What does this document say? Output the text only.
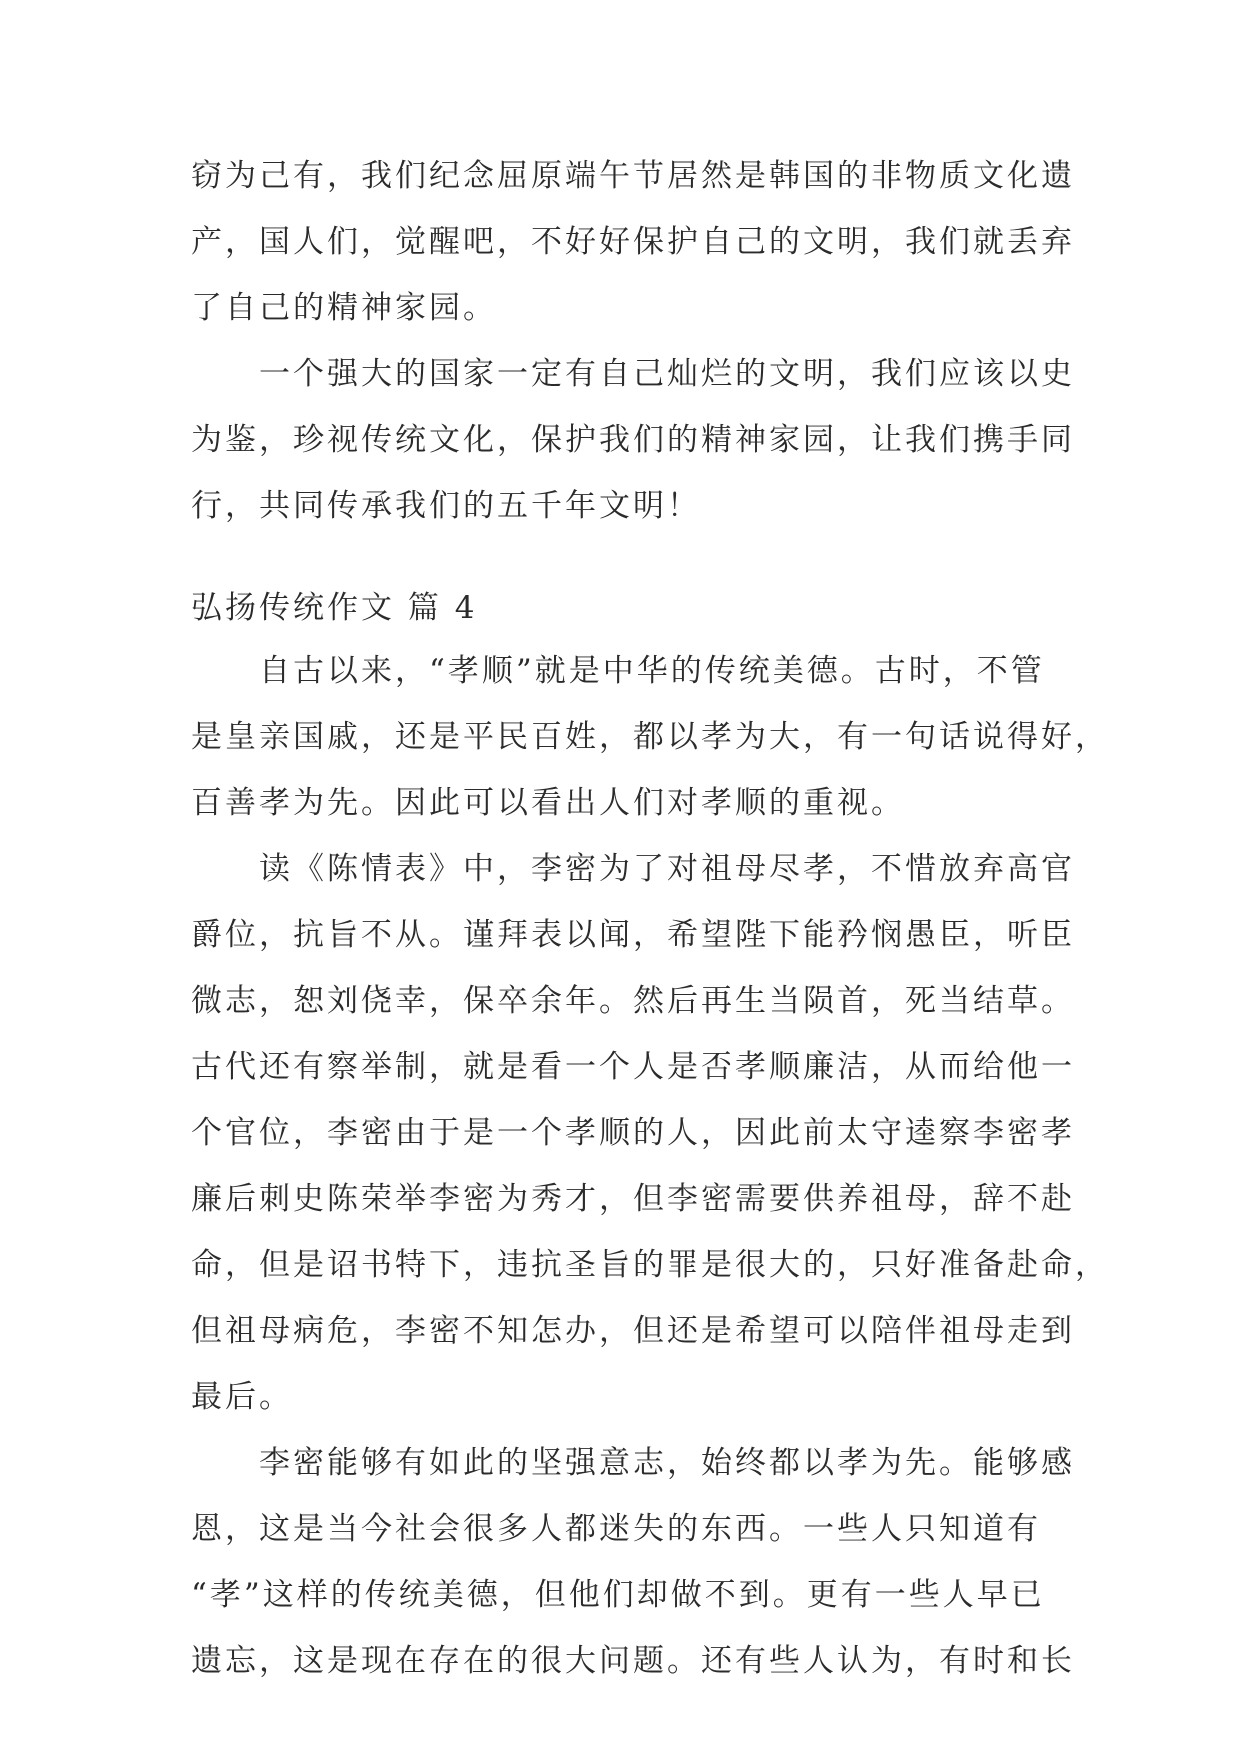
窃为己有，我们纪念屈原端午节居然是韩国的非物质文化遗
产，国人们，觉醒吧，不好好保护自己的文明，我们就丢弃
了自己的精神家园。
一个强大的国家一定有自己灿烂的文明，我们应该以史
为鉴，珍视传统文化，保护我们的精神家园，让我们携手同
行，共同传承我们的五千年文明！
弘扬传统作文 篇 4
自古以来，“孝顺”就是中华的传统美德。古时，不管
是皇亲国戚，还是平民百姓，都以孝为大，有一句话说得好，
百善孝为先。因此可以看出人们对孝顺的重视。
读《陈情表》中，李密为了对祖母尽孝，不惜放弃高官
爵位，抗旨不从。谨拜表以闻，希望陛下能矜悯愚臣，听臣
微志，恕刘侥幸，保卒余年。然后再生当陨首，死当结草。
古代还有察举制，就是看一个人是否孝顺廉洁，从而给他一
个官位，李密由于是一个孝顺的人，因此前太守逵察李密孝
廉后刺史陈荣举李密为秀才，但李密需要供养祖母，辞不赴
命，但是诏书特下，违抗圣旨的罪是很大的，只好准备赴命，
但祖母病危，李密不知怎办，但还是希望可以陪伴祖母走到
最后。
李密能够有如此的坚强意志，始终都以孝为先。能够感
恩，这是当今社会很多人都迷失的东西。一些人只知道有
“孝”这样的传统美德，但他们却做不到。更有一些人早已
遗忘，这是现在存在的很大问题。还有些人认为，有时和长
